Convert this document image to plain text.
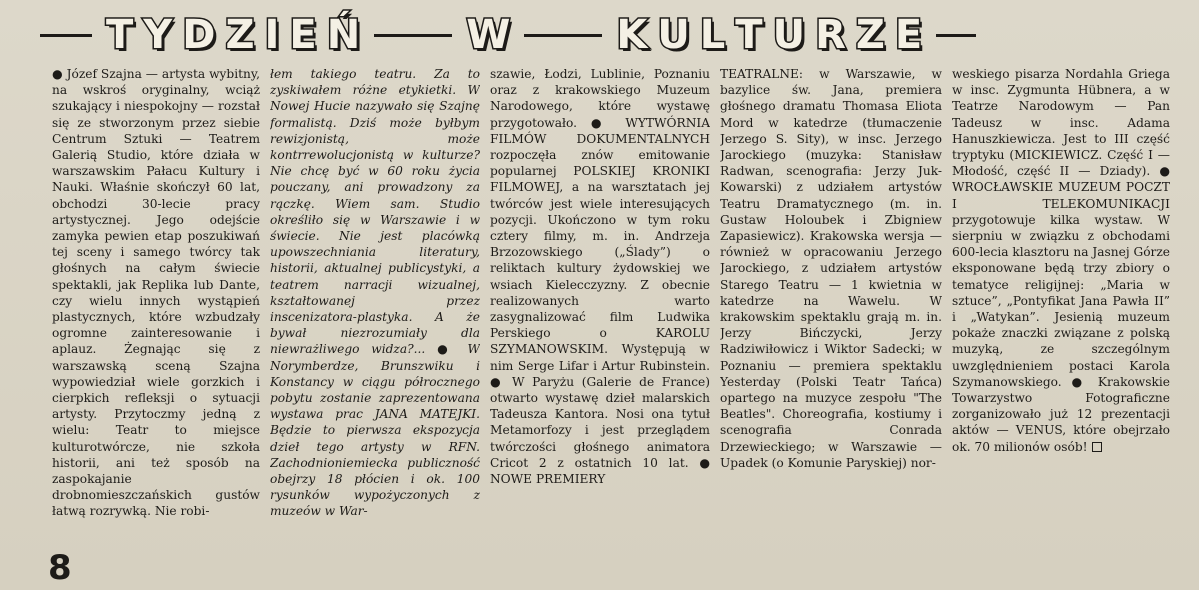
T Y D Z I E Ń	W	K U L T U R Z E

● Józef Szajna — artysta wybitny, na wskroś oryginalny, wciąż szukający i niespokojny — rozstał się ze stworzonym przez siebie Centrum Sztuki — Teatrem Galerią Studio, które działa w warszawskim Pałacu Kultury i Nauki. Właśnie skończył 60 lat, obchodzi 30-lecie pracy artystycznej. Jego odejście zamyka pewien etap poszukiwań tej sceny i samego twórcy tak głośnych na całym świecie spektakli, jak Replika lub Dante, czy wielu innych wystąpień plastycznych, które wzbudzały ogromne zainteresowanie i aplauz. Żegnając się z warszawską sceną Szajna wypowiedział wiele gorzkich i cierpkich refleksji o sytuacji artysty. Przytoczmy jedną z wielu: Teatr to miejsce kulturotwórcze, nie szkoła historii, ani też sposób na zaspokajanie drobnomieszczańskich gustów łatwą rozrywką. Nie robi-

łem takiego teatru. Za to zyskiwałem różne etykietki. W Nowej Hucie nazywało się Szajnę formalistą. Dziś może byłbym rewizjonistą, może kontrrewolucjonistą w kulturze? Nie chcę być w 60 roku życia pouczany, ani prowadzony za rączkę. Wiem sam. Studio określiło się w Warszawie i w świecie. Nie jest placówką upowszechniania literatury, historii, aktualnej publicystyki, a teatrem narracji wizualnej, kształtowanej przez inscenizatora-plastyka. A że bywał niezrozumiały dla niewrażliwego widza?... ● W Norymberdze, Brunszwiku i Konstancy w ciągu półrocznego pobytu zostanie zaprezentowana wystawa prac JANA MATEJKI. Będzie to pierwsza ekspozycja dzieł tego artysty w RFN. Zachodnioniemiecka publiczność obejrzy 18 płócien i ok. 100 rysunków wypożyczonych z muzeów w War-

szawie, Łodzi, Lublinie, Poznaniu oraz z krakowskiego Muzeum Narodowego, które wystawę przygotowało. ● WYTWÓRNIA FILMÓW DOKUMENTALNYCH rozpoczęła znów emitowanie popularnej POLSKIEJ KRONIKI FILMOWEJ, a na warsztatach jej twórców jest wiele interesujących pozycji. Ukończono w tym roku cztery filmy, m. in. Andrzeja Brzozowskiego („Ślady”) o reliktach kultury żydowskiej we wsiach Kielecczyzny. Z obecnie realizowanych warto zasygnalizować film Ludwika Perskiego o KAROLU SZYMANOWSKIM. Występują w nim Serge Lifar i Artur Rubinstein. ● W Paryżu (Galerie de France) otwarto wystawę dzieł malarskich Tadeusza Kantora. Nosi ona tytuł Metamorfozy i jest przeglądem twórczości głośnego animatora Cricot 2 z ostatnich 10 lat. ● NOWE PREMIERY

TEATRALNE: w Warszawie, w bazylice św. Jana, premiera głośnego dramatu Thomasa Eliota Mord w katedrze (tłumaczenie Jerzego S. Sity), w insc. Jerzego Jarockiego (muzyka: Stanisław Radwan, scenografia: Jerzy Juk-Kowarski) z udziałem artystów Teatru Dramatycznego (m. in. Gustaw Holoubek i Zbigniew Zapasiewicz). Krakowska wersja — również w opracowaniu Jerzego Jarockiego, z udziałem artystów Starego Teatru — 1 kwietnia w katedrze na Wawelu. W krakowskim spektaklu grają m. in. Jerzy Bińczycki, Jerzy Radziwiłowicz i Wiktor Sadecki; w Poznaniu — premiera spektaklu Yesterday (Polski Teatr Tańca) opartego na muzyce zespołu "The Beatles". Choreografia, kostiumy i scenografia Conrada Drzewieckiego; w Warszawie — Upadek (o Komunie Paryskiej) nor-

weskiego pisarza Nordahla Griega w insc. Zygmunta Hübnera, a w Teatrze Narodowym — Pan Tadeusz w insc. Adama Hanuszkiewicza. Jest to III część tryptyku (MICKIEWICZ. Część I — Młodość, część II — Dziady). ● WROCŁAWSKIE MUZEUM POCZT I TELEKOMUNIKACJI przygotowuje kilka wystaw. W sierpniu w związku z obchodami 600-lecia klasztoru na Jasnej Górze eksponowane będą trzy zbiory o tematyce religijnej: „Maria w sztuce”, „Pontyfikat Jana Pawła II” i „Watykan”. Jesienią muzeum pokaże znaczki związane z polską muzyką, ze szczególnym uwzględnieniem postaci Karola Szymanowskiego. ● Krakowskie Towarzystwo Fotograficzne zorganizowało już 12 prezentacji aktów — VENUS, które obejrzało ok. 70 milionów osób!

8
